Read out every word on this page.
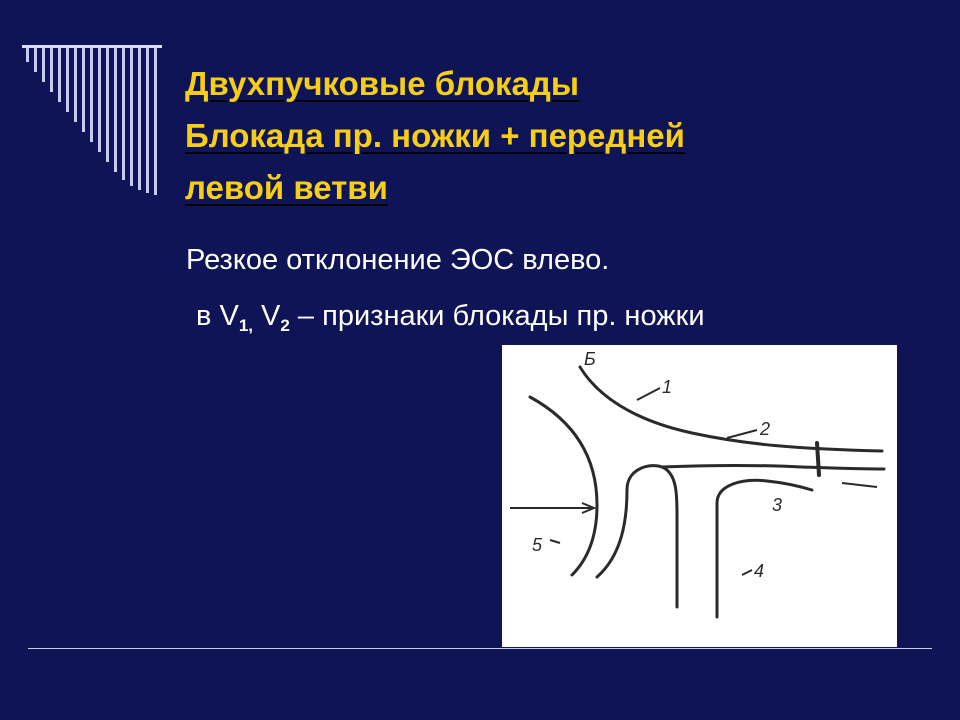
Двухпучковые блокады
Блокада пр. ножки + передней
левой ветви
Резкое отклонение ЭОС влево.
в $V_{1,}$ $V_2$ – признаки блокады пр. ножки
Б
1
2
3
4
5
